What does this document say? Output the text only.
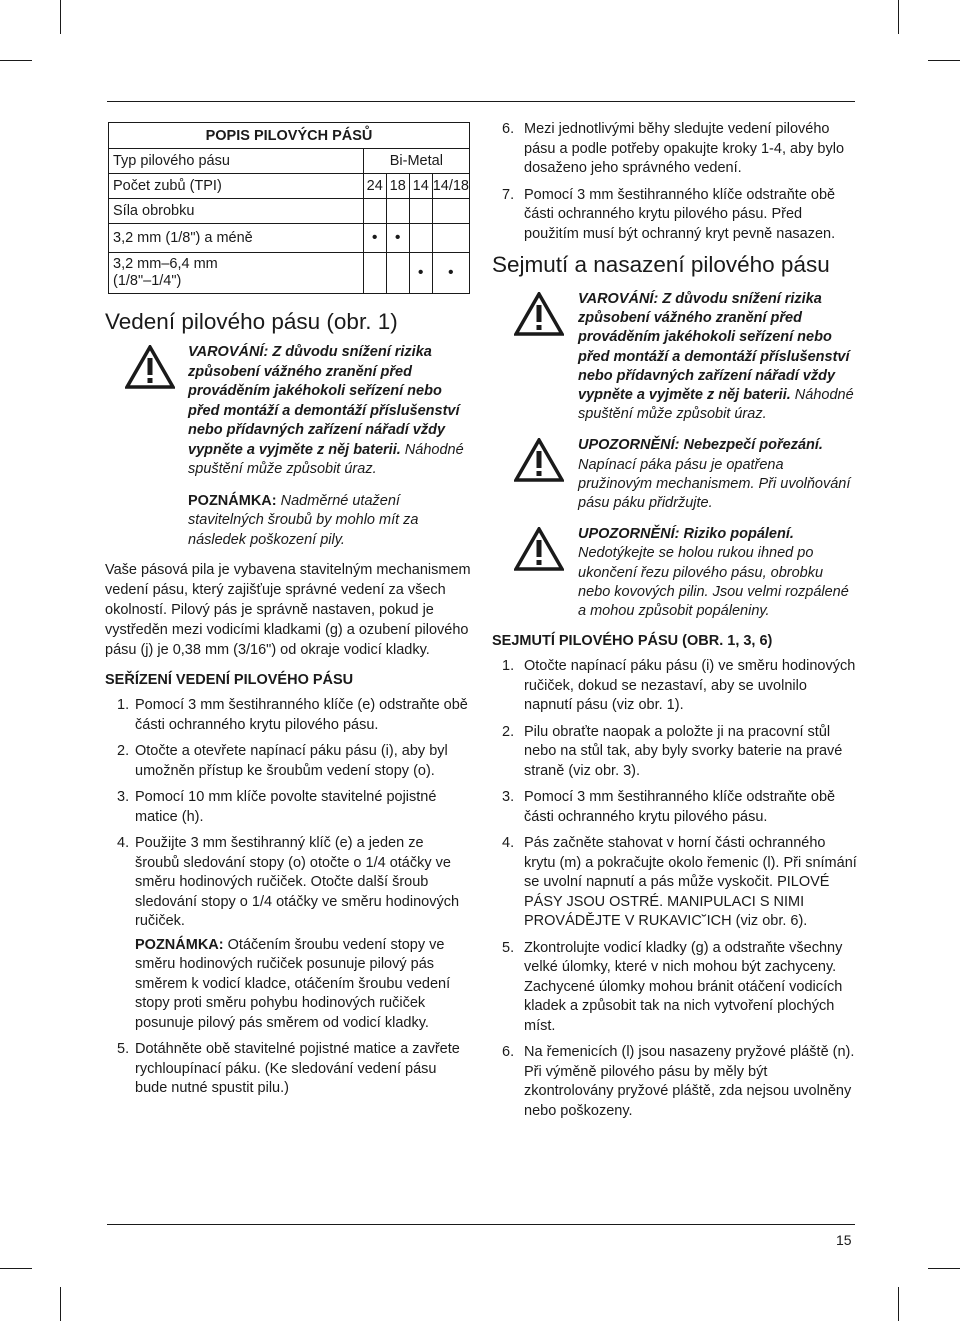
POPIS PILOVÝCH PÁSŮ				
Typ pilového pásu	Bi-Metal			
Počet zubů (TPI)	24	18	14	14/18
Síla obrobku				
3,2 mm (1/8") a méně	•	•		
3,2 mm–6,4 mm
(1/8"–1/4")			•	•
Vedení pilového pásu (obr. 1)

VAROVÁNÍ: Z důvodu snížení rizika způsobení vážného zranění před prováděním jakéhokoli seřízení nebo před montáží a demontáží příslušenství nebo přídavných zařízení nářadí vždy vypněte a vyjměte z něj baterii. Náhodné spuštění může způsobit úraz.

POZNÁMKA: Nadměrné utažení stavitelných šroubů by mohlo mít za následek poškození pily.

Vaše pásová pila je vybavena stavitelným mechanismem vedení pásu, který zajišťuje správné vedení za všech okolností. Pilový pás je správně nastaven, pokud je vystředěn mezi vodicími kladkami (g) a ozubení pilového pásu (j) je 0,38 mm (3/16") od okraje vodicí kladky.

SEŘÍZENÍ VEDENÍ PILOVÉHO PÁSU
1. Pomocí 3 mm šestihranného klíče (e) odstraňte obě části ochranného krytu pilového pásu.
2. Otočte a otevřete napínací páku pásu (i), aby byl umožněn přístup ke šroubům vedení stopy (o).
3. Pomocí 10 mm klíče povolte stavitelné pojistné matice (h).
4. Použijte 3 mm šestihranný klíč (e) a jeden ze šroubů sledování stopy (o) otočte o 1/4 otáčky ve směru hodinových ručiček. Otočte další šroub sledování stopy o 1/4 otáčky ve směru hodinových ručiček.

POZNÁMKA: Otáčením šroubu vedení stopy ve směru hodinových ručiček posunuje pilový pás směrem k vodicí kladce, otáčením šroubu vedení stopy proti směru pohybu hodinových ručiček posunuje pilový pás směrem od vodicí kladky.

5. Dotáhněte obě stavitelné pojistné matice a zavřete rychloupínací páku. (Ke sledování vedení pásu bude nutné spustit pilu.)
6. Mezi jednotlivými běhy sledujte vedení pilového pásu a podle potřeby opakujte kroky 1-4, aby bylo dosaženo jeho správného vedení.
7. Pomocí 3 mm šestihranného klíče odstraňte obě části ochranného krytu pilového pásu. Před použitím musí být ochranný kryt pevně nasazen.
Sejmutí a nasazení pilového pásu

VAROVÁNÍ: Z důvodu snížení rizika způsobení vážného zranění před prováděním jakéhokoli seřízení nebo před montáží a demontáží příslušenství nebo přídavných zařízení nářadí vždy vypněte a vyjměte z něj baterii. Náhodné spuštění může způsobit úraz.

UPOZORNĚNÍ: Nebezpečí pořezání. Napínací páka pásu je opatřena pružinovým mechanismem. Při uvolňování pásu páku přidržujte.

UPOZORNĚNÍ: Riziko popálení. Nedotýkejte se holou rukou ihned po ukončení řezu pilového pásu, obrobku nebo kovových pilin. Jsou velmi rozpálené a mohou způsobit popáleniny.

SEJMUTÍ PILOVÉHO PÁSU (OBR. 1, 3, 6)
1. Otočte napínací páku pásu (i) ve směru hodinových ručiček, dokud se nezastaví, aby se uvolnilo napnutí pásu (viz obr. 1).
2. Pilu obraťte naopak a položte ji na pracovní stůl nebo na stůl tak, aby byly svorky baterie na pravé straně (viz obr. 3).
3. Pomocí 3 mm šestihranného klíče odstraňte obě části ochranného krytu pilového pásu.
4. Pás začněte stahovat v horní části ochranného krytu (m) a pokračujte okolo řemenic (l). Při snímání se uvolní napnutí a pás může vyskočit. PILOVÉ PÁSY JSOU OSTRÉ. MANIPULACI S NIMI PROVÁDĚJTE V RUKAVIC˘ICH (viz obr. 6).
5. Zkontrolujte vodicí kladky (g) a odstraňte všechny velké úlomky, které v nich mohou být zachyceny. Zachycené úlomky mohou bránit otáčení vodicích kladek a způsobit tak na nich vytvoření plochých míst.
6. Na řemenicích (l) jsou nasazeny pryžové pláště (n). Při výměně pilového pásu by měly být zkontrolovány pryžové pláště, zda nejsou uvolněny nebo poškozeny.
15
